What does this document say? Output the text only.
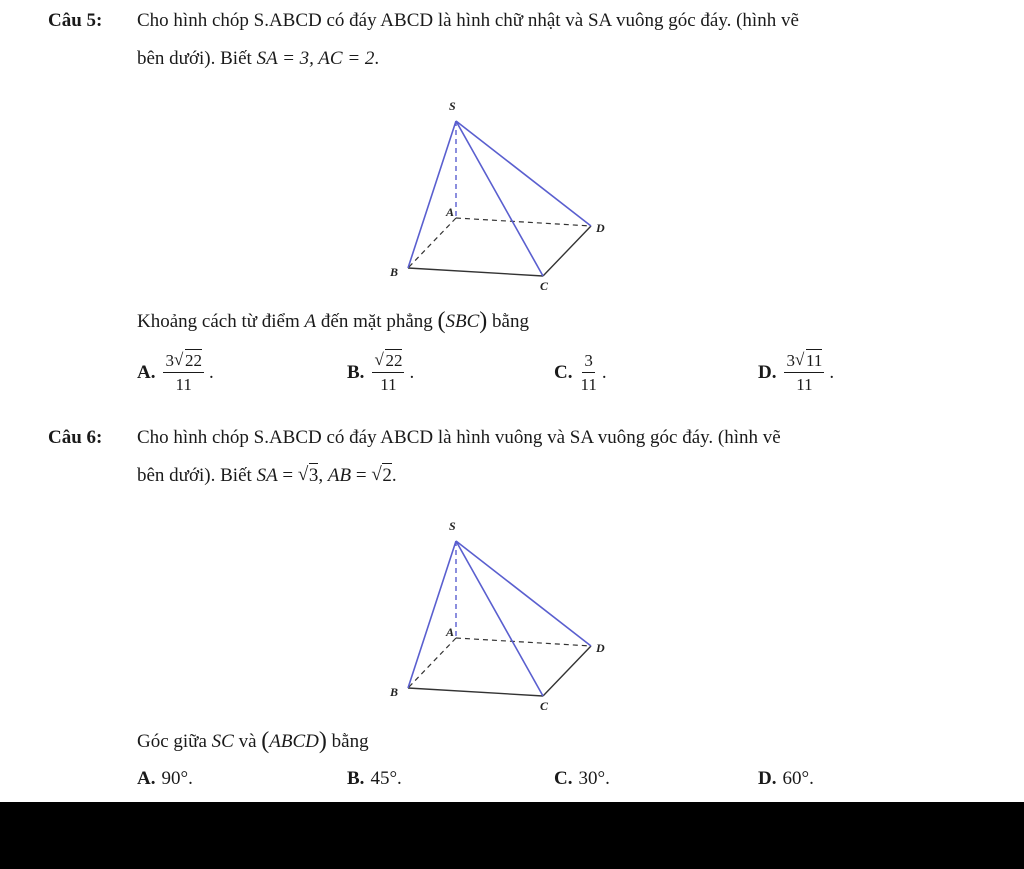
Câu 5: Cho hình chóp S.ABCD có đáy ABCD là hình chữ nhật và SA vuông góc đáy. (hình vẽ
bên dưới). Biết SA = 3, AC = 2.
S
A
B
C
D
Khoảng cách từ điểm A đến mặt phẳng (SBC) bằng
A. $\frac{3 √ 22}{11}$ .	B. √ $\frac{22}{11}$ .	C. $\frac{3}{11}$ .	D. $\frac{3 √ 11}{11}$ .
Câu 6: Cho hình chóp S.ABCD có đáy ABCD là hình vuông và SA vuông góc đáy. (hình vẽ
bên dưới). Biết SA = √ 3, AB = √ 2.
S
A
B
C
D
Góc giữa SC và (ABCD) bằng
A. 90°.	B. 45°.	C. 30°.	D. 60°.
